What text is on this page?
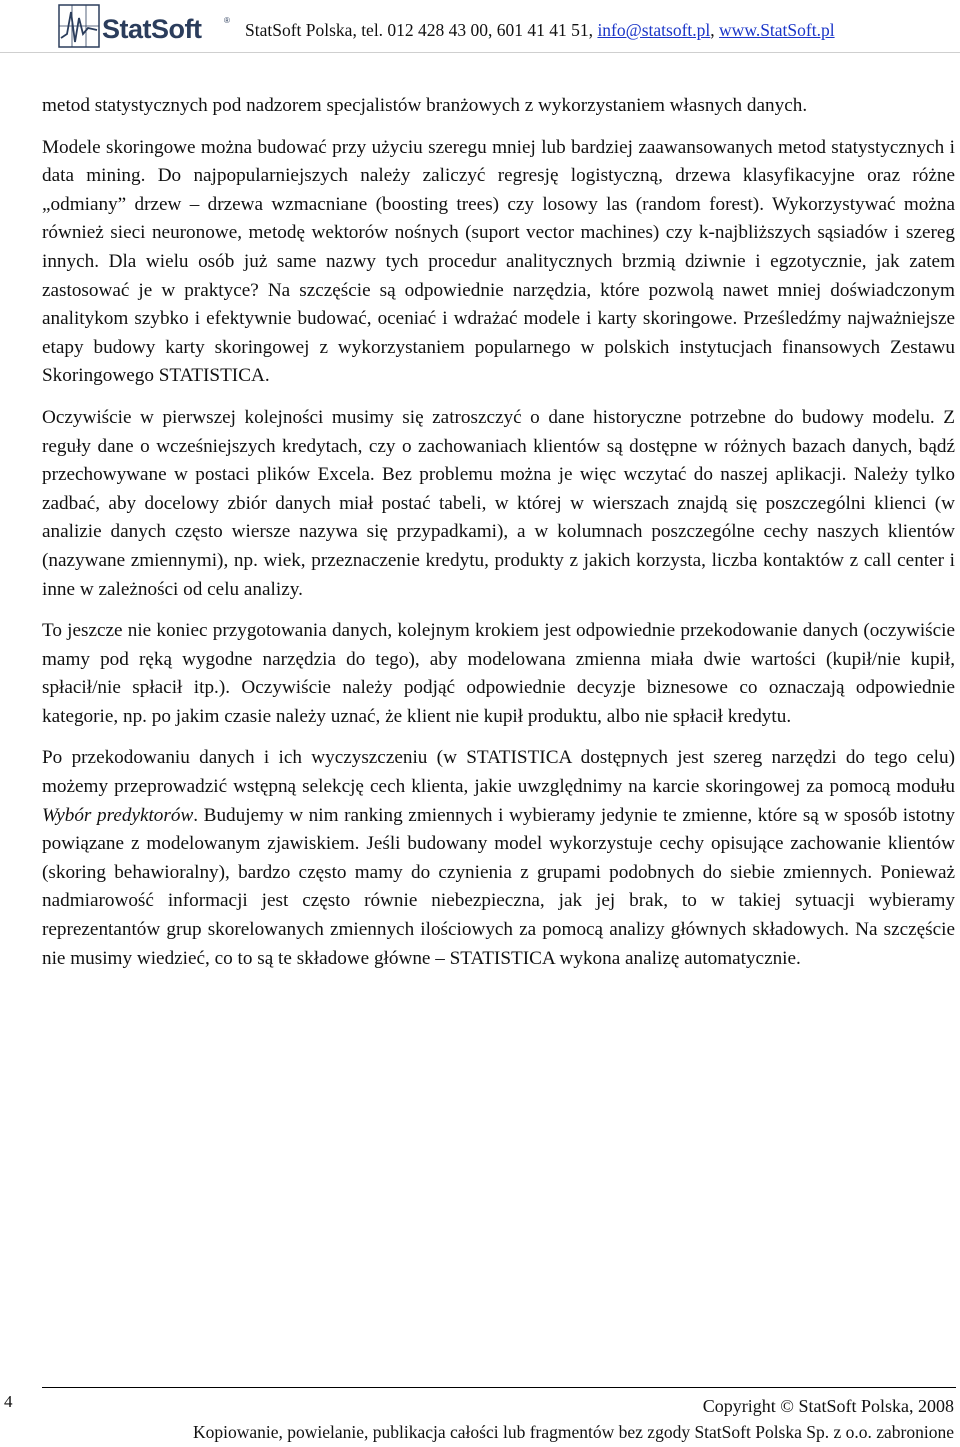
StatSoft	® StatSoft Polska, tel. 012 428 43 00, 601 41 41 51, info@statsoft.pl, www.StatSoft.pl

metod statystycznych pod nadzorem specjalistów branżowych z wykorzystaniem własnych danych.

Modele skoringowe można budować przy użyciu szeregu mniej lub bardziej zaawansowanych metod statystycznych i data mining. Do najpopularniejszych należy zaliczyć regresję logistyczną, drzewa klasyfikacyjne oraz różne „odmiany” drzew – drzewa wzmacniane (boosting trees) czy losowy las (random forest). Wykorzystywać można również sieci neuronowe, metodę wektorów nośnych (suport vector machines) czy k-najbliższych sąsiadów i szereg innych. Dla wielu osób już same nazwy tych procedur analitycznych brzmią dziwnie i egzotycznie, jak zatem zastosować je w praktyce? Na szczęście są odpowiednie narzędzia, które pozwolą nawet mniej doświadczonym analitykom szybko i efektywnie budować, oceniać i wdrażać modele i karty skoringowe. Prześledźmy najważniejsze etapy budowy karty skoringowej z wykorzystaniem popularnego w polskich instytucjach finansowych Zestawu Skoringowego STATISTICA.

Oczywiście w pierwszej kolejności musimy się zatroszczyć o dane historyczne potrzebne do budowy modelu. Z reguły dane o wcześniejszych kredytach, czy o zachowaniach klientów są dostępne w różnych bazach danych, bądź przechowywane w postaci plików Excela. Bez problemu można je więc wczytać do naszej aplikacji. Należy tylko zadbać, aby docelowy zbiór danych miał postać tabeli, w której w wierszach znajdą się poszczególni klienci (w analizie danych często wiersze nazywa się przypadkami), a w kolumnach poszczególne cechy naszych klientów (nazywane zmiennymi), np. wiek, przeznaczenie kredytu, produkty z jakich korzysta, liczba kontaktów z call center i inne w zależności od celu analizy.

To jeszcze nie koniec przygotowania danych, kolejnym krokiem jest odpowiednie przekodowanie danych (oczywiście mamy pod ręką wygodne narzędzia do tego), aby modelowana zmienna miała dwie wartości (kupił/nie kupił, spłacił/nie spłacił itp.). Oczywiście należy podjąć odpowiednie decyzje biznesowe co oznaczają odpowiednie kategorie, np. po jakim czasie należy uznać, że klient nie kupił produktu, albo nie spłacił kredytu.

Po przekodowaniu danych i ich wyczyszczeniu (w STATISTICA dostępnych jest szereg narzędzi do tego celu) możemy przeprowadzić wstępną selekcję cech klienta, jakie uwzględnimy na karcie skoringowej za pomocą modułu Wybór predyktorów. Budujemy w nim ranking zmiennych i wybieramy jedynie te zmienne, które są w sposób istotny powiązane z modelowanym zjawiskiem. Jeśli budowany model wykorzystuje cechy opisujące zachowanie klientów (skoring behawioralny), bardzo często mamy do czynienia z grupami podobnych do siebie zmiennych. Ponieważ nadmiarowość informacji jest często równie niebezpieczna, jak jej brak, to w takiej sytuacji wybieramy reprezentantów grup skorelowanych zmiennych ilościowych za pomocą analizy głównych składowych. Na szczęście nie musimy wiedzieć, co to są te składowe główne – STATISTICA wykona analizę automatycznie.

4	Copyright © StatSoft Polska, 2008
Kopiowanie, powielanie, publikacja całości lub fragmentów bez zgody StatSoft Polska Sp. z o.o. zabronione
